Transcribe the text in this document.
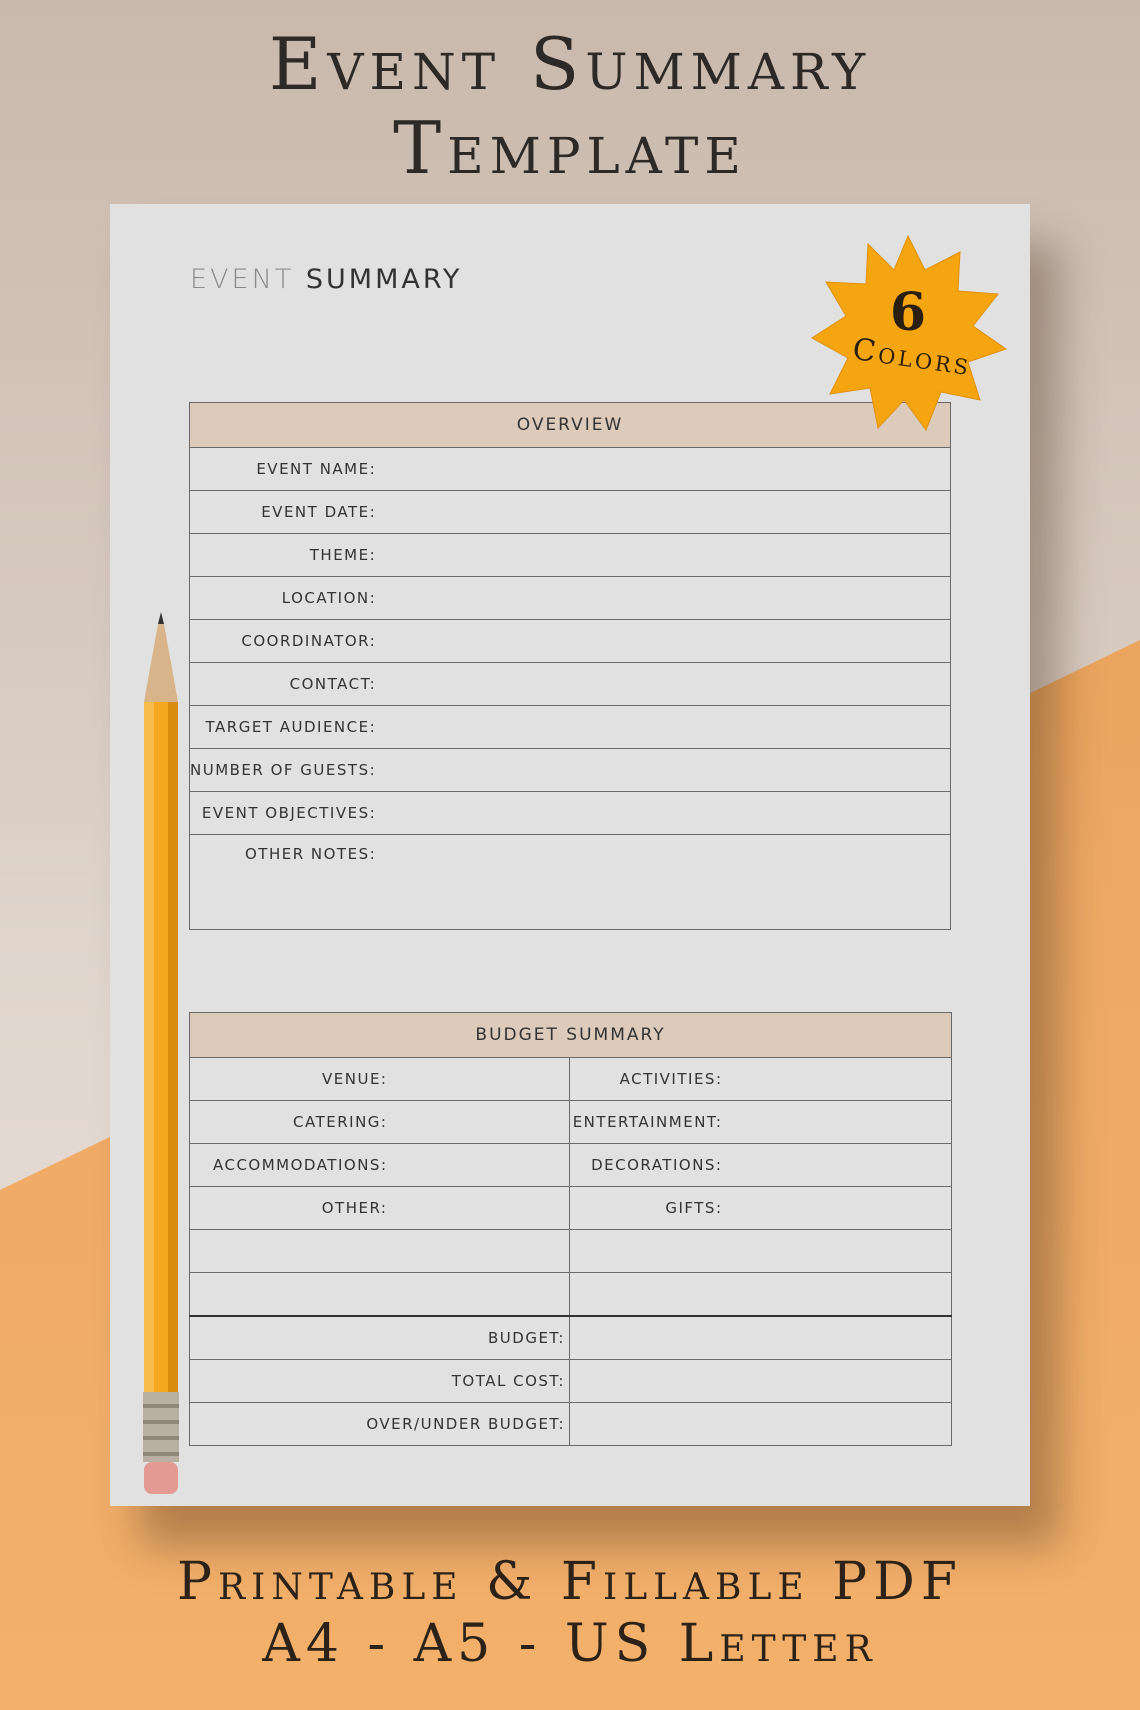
Event Summary
Template
EVENT SUMMARY
OVERVIEW	
EVENT NAME:	
EVENT DATE:	
THEME:	
LOCATION:	
COORDINATOR:	
CONTACT:	
TARGET AUDIENCE:	
NUMBER OF GUESTS:	
EVENT OBJECTIVES:	
OTHER NOTES:	
BUDGET SUMMARY			
VENUE:		ACTIVITIES:	
CATERING:		ENTERTAINMENT:	
ACCOMMODATIONS:		DECORATIONS:	
OTHER:		GIFTS:	

BUDGET:			
TOTAL COST:			
OVER/UNDER BUDGET:			
6
Colors
Printable & Fillable PDF
A4 - A5 - US Letter
